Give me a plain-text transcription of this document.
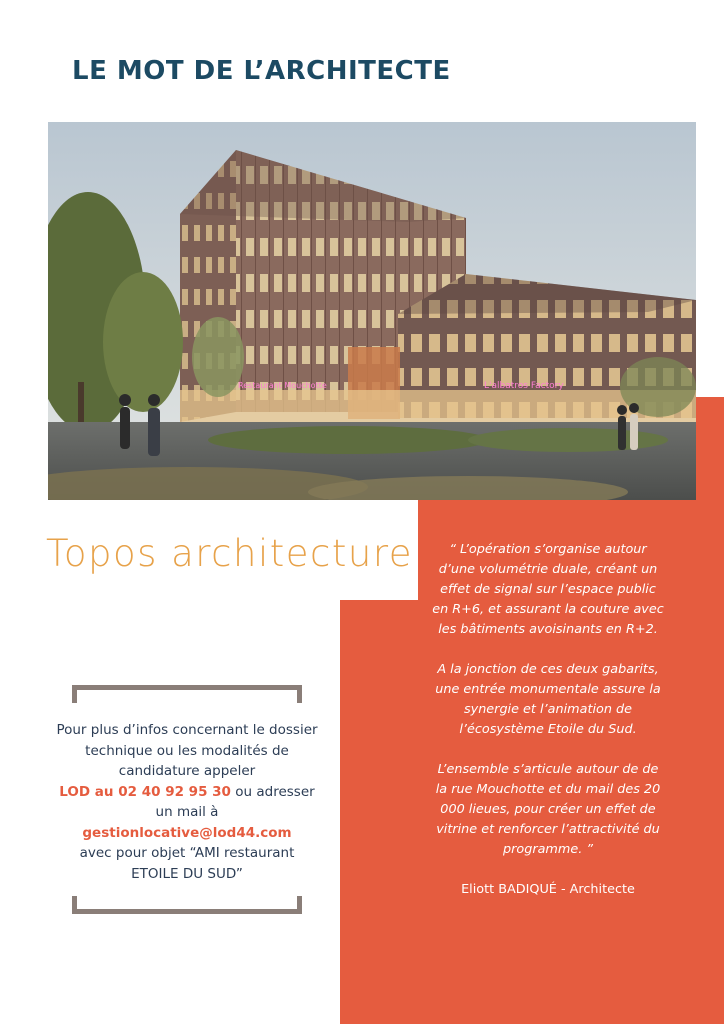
LE MOT DE L’ARCHITECTE
Restaurant Mouchotte	L'albatros Factory
Topos architecture	“ L’opération s’organise autour d’une volumétrie duale, créant un effet de signal sur l’espace public en R+6, et assurant la couture avec les bâtiments avoisinants en R+2.

A la jonction de ces deux gabarits, une entrée monumentale assure la synergie et l’animation de l’écosystème Etoile du Sud.

L’ensemble s’articule autour de de la rue Mouchotte et du mail des 20 000 lieues, pour créer un effet de vitrine et renforcer l’attractivité du programme. ”

Eliott BADIQUÉ - Architecte

Pour plus d’infos concernant le dossier technique ou les modalités de candidature appeler
LOD au 02 40 92 95 30 ou adresser un mail à
gestionlocative@lod44.com
avec pour objet “AMI restaurant ETOILE DU SUD”
